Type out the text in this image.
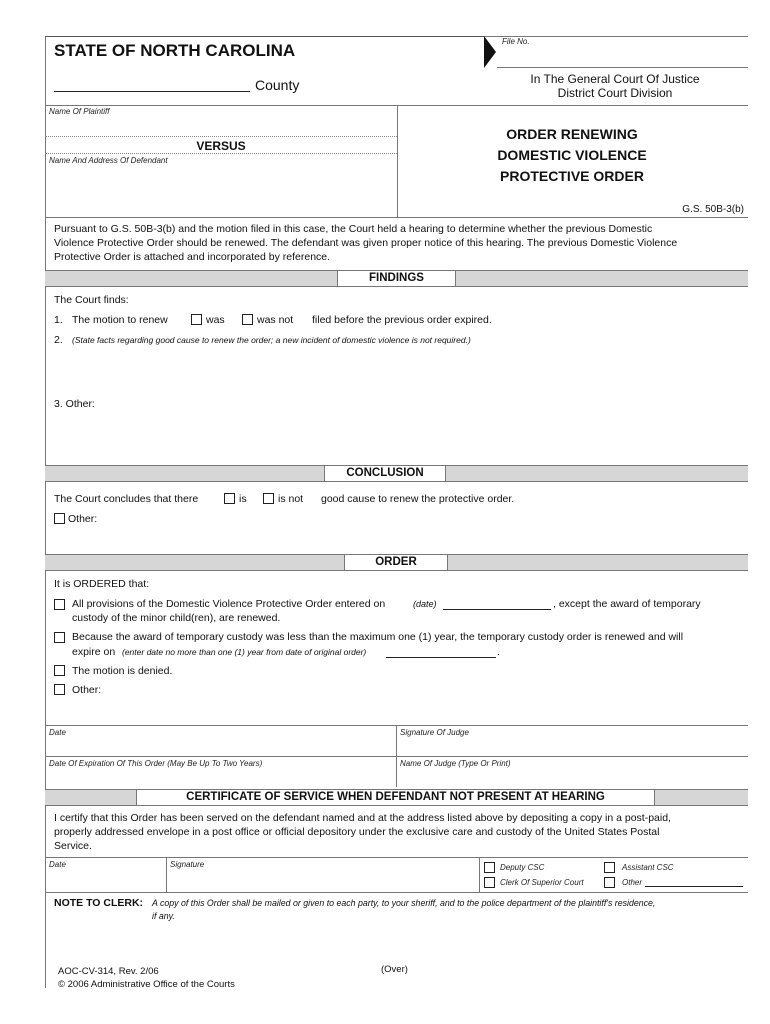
File No.
STATE OF NORTH CAROLINA
County	In The General Court Of Justice
District Court Division
Name Of Plaintiff
VERSUS
Name And Address Of Defendant
ORDER RENEWING
DOMESTIC VIOLENCE
PROTECTIVE ORDER
G.S. 50B-3(b)
Pursuant to G.S. 50B-3(b) and the motion filed in this case, the Court held a hearing to determine whether the previous Domestic
Violence Protective Order should be renewed. The defendant was given proper notice of this hearing. The previous Domestic Violence
Protective Order is attached and incorporated by reference.
FINDINGS
The Court finds:
1. The motion to renew	was	was not filed before the previous order expired.
2. (State facts regarding good cause to renew the order; a new incident of domestic violence is not required.)
3. Other:
CONCLUSION
The Court concludes that there	is	is not good cause to renew the protective order.
Other:
ORDER
It is ORDERED that:
All provisions of the Domestic Violence Protective Order entered on	(date)	, except the award of temporary
custody of the minor child(ren), are renewed.
Because the award of temporary custody was less than the maximum one (1) year, the temporary custody order is renewed and will
expire on (enter date no more than one (1) year from date of original order)	.
The motion is denied.
Other:
Date	Signature Of Judge
Date Of Expiration Of This Order (May Be Up To Two Years)	Name Of Judge (Type Or Print)
CERTIFICATE OF SERVICE WHEN DEFENDANT NOT PRESENT AT HEARING
I certify that this Order has been served on the defendant named and at the address listed above by depositing a copy in a post-paid,
properly addressed envelope in a post office or official depository under the exclusive care and custody of the United States Postal
Service.
Date	Signature	Deputy CSC	Assistant CSC
Clerk Of Superior Court	Other
NOTE TO CLERK: A copy of this Order shall be mailed or given to each party, to your sheriff, and to the police department of the plaintiff's residence,
if any.
AOC-CV-314, Rev. 2/06
© 2006 Administrative Office of the Courts
(Over)
